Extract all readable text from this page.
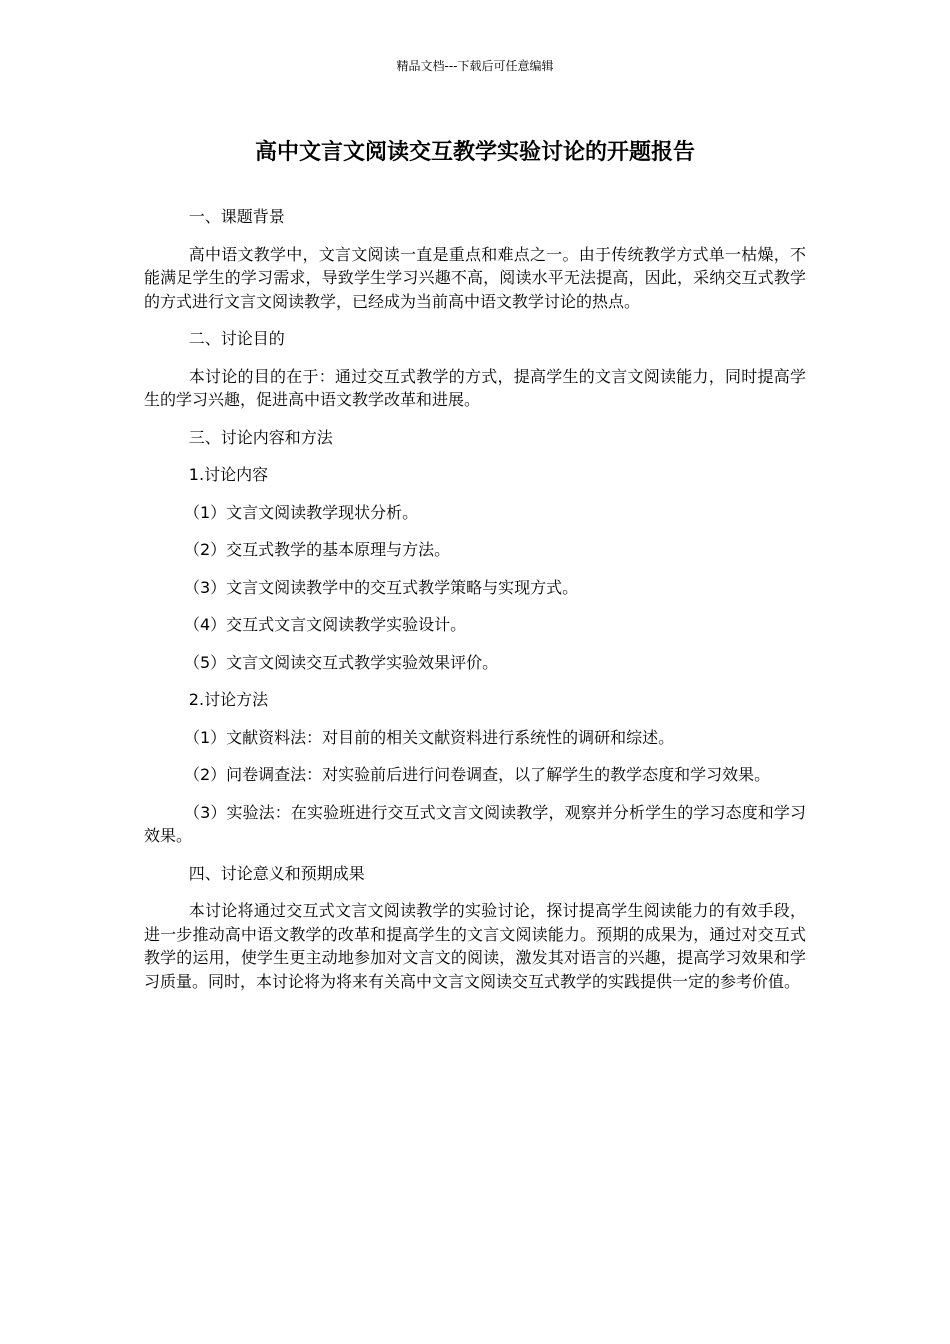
精品文档---下载后可任意编辑
高中文言文阅读交互教学实验讨论的开题报告

一、课题背景

高中语文教学中，文言文阅读一直是重点和难点之一。由于传统教学方式单一枯燥，不能满足学生的学习需求，导致学生学习兴趣不高，阅读水平无法提高，因此，采纳交互式教学的方式进行文言文阅读教学，已经成为当前高中语文教学讨论的热点。

二、讨论目的

本讨论的目的在于：通过交互式教学的方式，提高学生的文言文阅读能力，同时提高学生的学习兴趣，促进高中语文教学改革和进展。

三、讨论内容和方法

1.讨论内容

（1）文言文阅读教学现状分析。

（2）交互式教学的基本原理与方法。

（3）文言文阅读教学中的交互式教学策略与实现方式。

（4）交互式文言文阅读教学实验设计。

（5）文言文阅读交互式教学实验效果评价。

2.讨论方法

（1）文献资料法：对目前的相关文献资料进行系统性的调研和综述。

（2）问卷调查法：对实验前后进行问卷调查，以了解学生的教学态度和学习效果。

（3）实验法：在实验班进行交互式文言文阅读教学，观察并分析学生的学习态度和学习效果。

四、讨论意义和预期成果

本讨论将通过交互式文言文阅读教学的实验讨论，探讨提高学生阅读能力的有效手段，进一步推动高中语文教学的改革和提高学生的文言文阅读能力。预期的成果为，通过对交互式教学的运用，使学生更主动地参加对文言文的阅读，激发其对语言的兴趣，提高学习效果和学习质量。同时，本讨论将为将来有关高中文言文阅读交互式教学的实践提供一定的参考价值。
